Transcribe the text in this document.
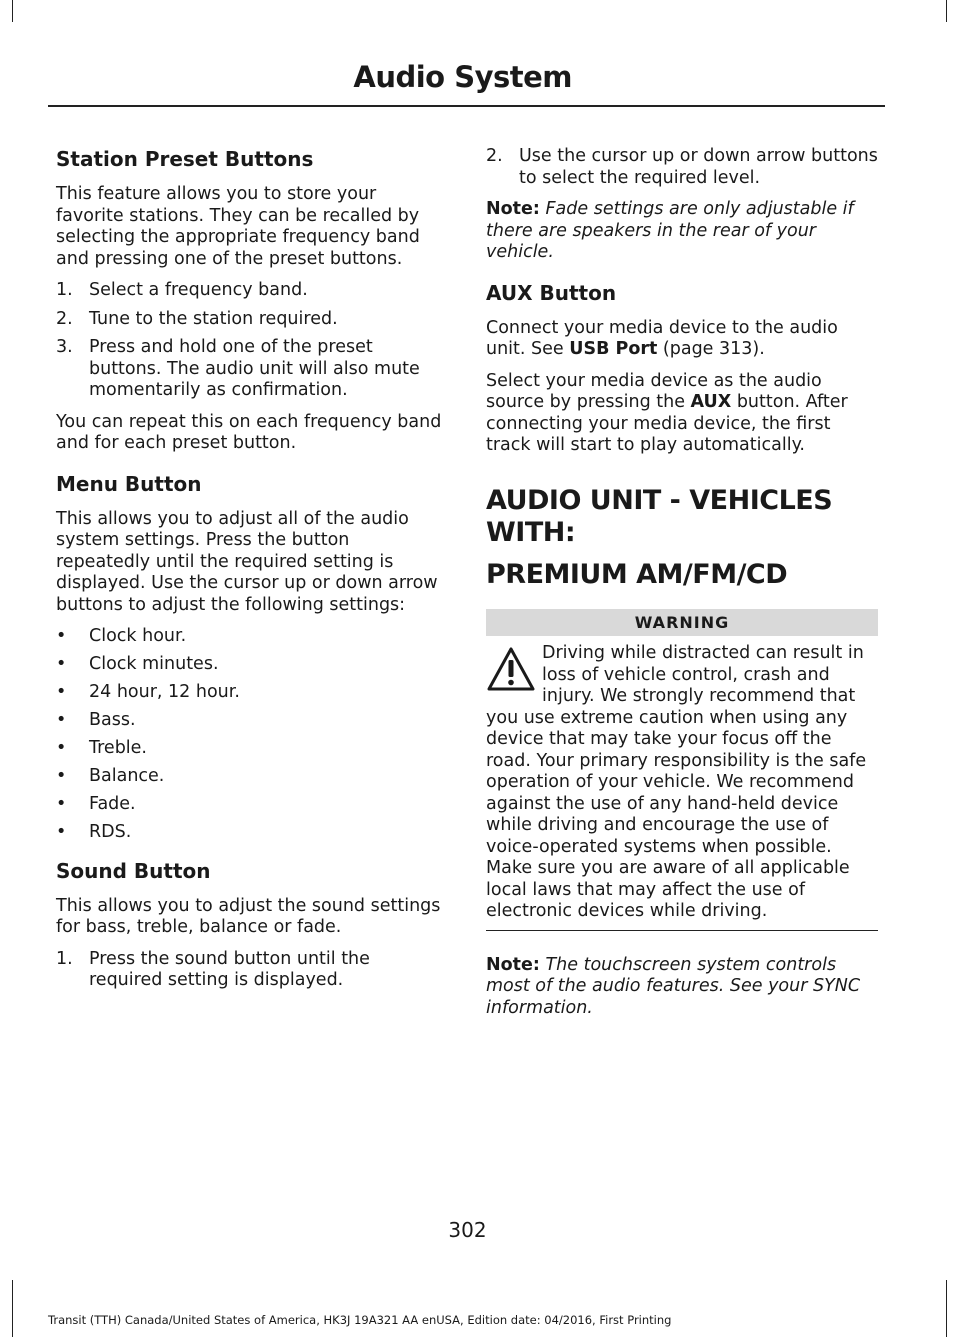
Audio System
Station Preset Buttons

This feature allows you to store your favorite stations. They can be recalled by selecting the appropriate frequency band and pressing one of the preset buttons.

1. Select a frequency band.
2. Tune to the station required.
3. Press and hold one of the preset buttons. The audio unit will also mute momentarily as confirmation.

You can repeat this on each frequency band and for each preset button.

Menu Button

This allows you to adjust all of the audio system settings. Press the button repeatedly until the required setting is displayed. Use the cursor up or down arrow buttons to adjust the following settings:

• Clock hour.
• Clock minutes.
• 24 hour, 12 hour.
• Bass.
• Treble.
• Balance.
• Fade.
• RDS.
Sound Button

This allows you to adjust the sound settings for bass, treble, balance or fade.

1. Press the sound button until the required setting is displayed.
2. Use the cursor up or down arrow buttons to select the required level.

Note: Fade settings are only adjustable if there are speakers in the rear of your vehicle.

AUX Button

Connect your media device to the audio unit. See USB Port (page 313).

Select your media device as the audio source by pressing the AUX button. After connecting your media device, the first track will start to play automatically.

AUDIO UNIT - VEHICLES WITH:
PREMIUM AM/FM/CD
WARNING
Driving while distracted can result in loss of vehicle control, crash and injury. We strongly recommend that you use extreme caution when using any device that may take your focus off the road. Your primary responsibility is the safe operation of your vehicle. We recommend against the use of any hand-held device while driving and encourage the use of voice-operated systems when possible. Make sure you are aware of all applicable local laws that may affect the use of electronic devices while driving.

Note: The touchscreen system controls most of the audio features. See your SYNC information.

302
Transit (TTH) Canada/United States of America, HK3J 19A321 AA enUSA, Edition date: 04/2016, First Printing
